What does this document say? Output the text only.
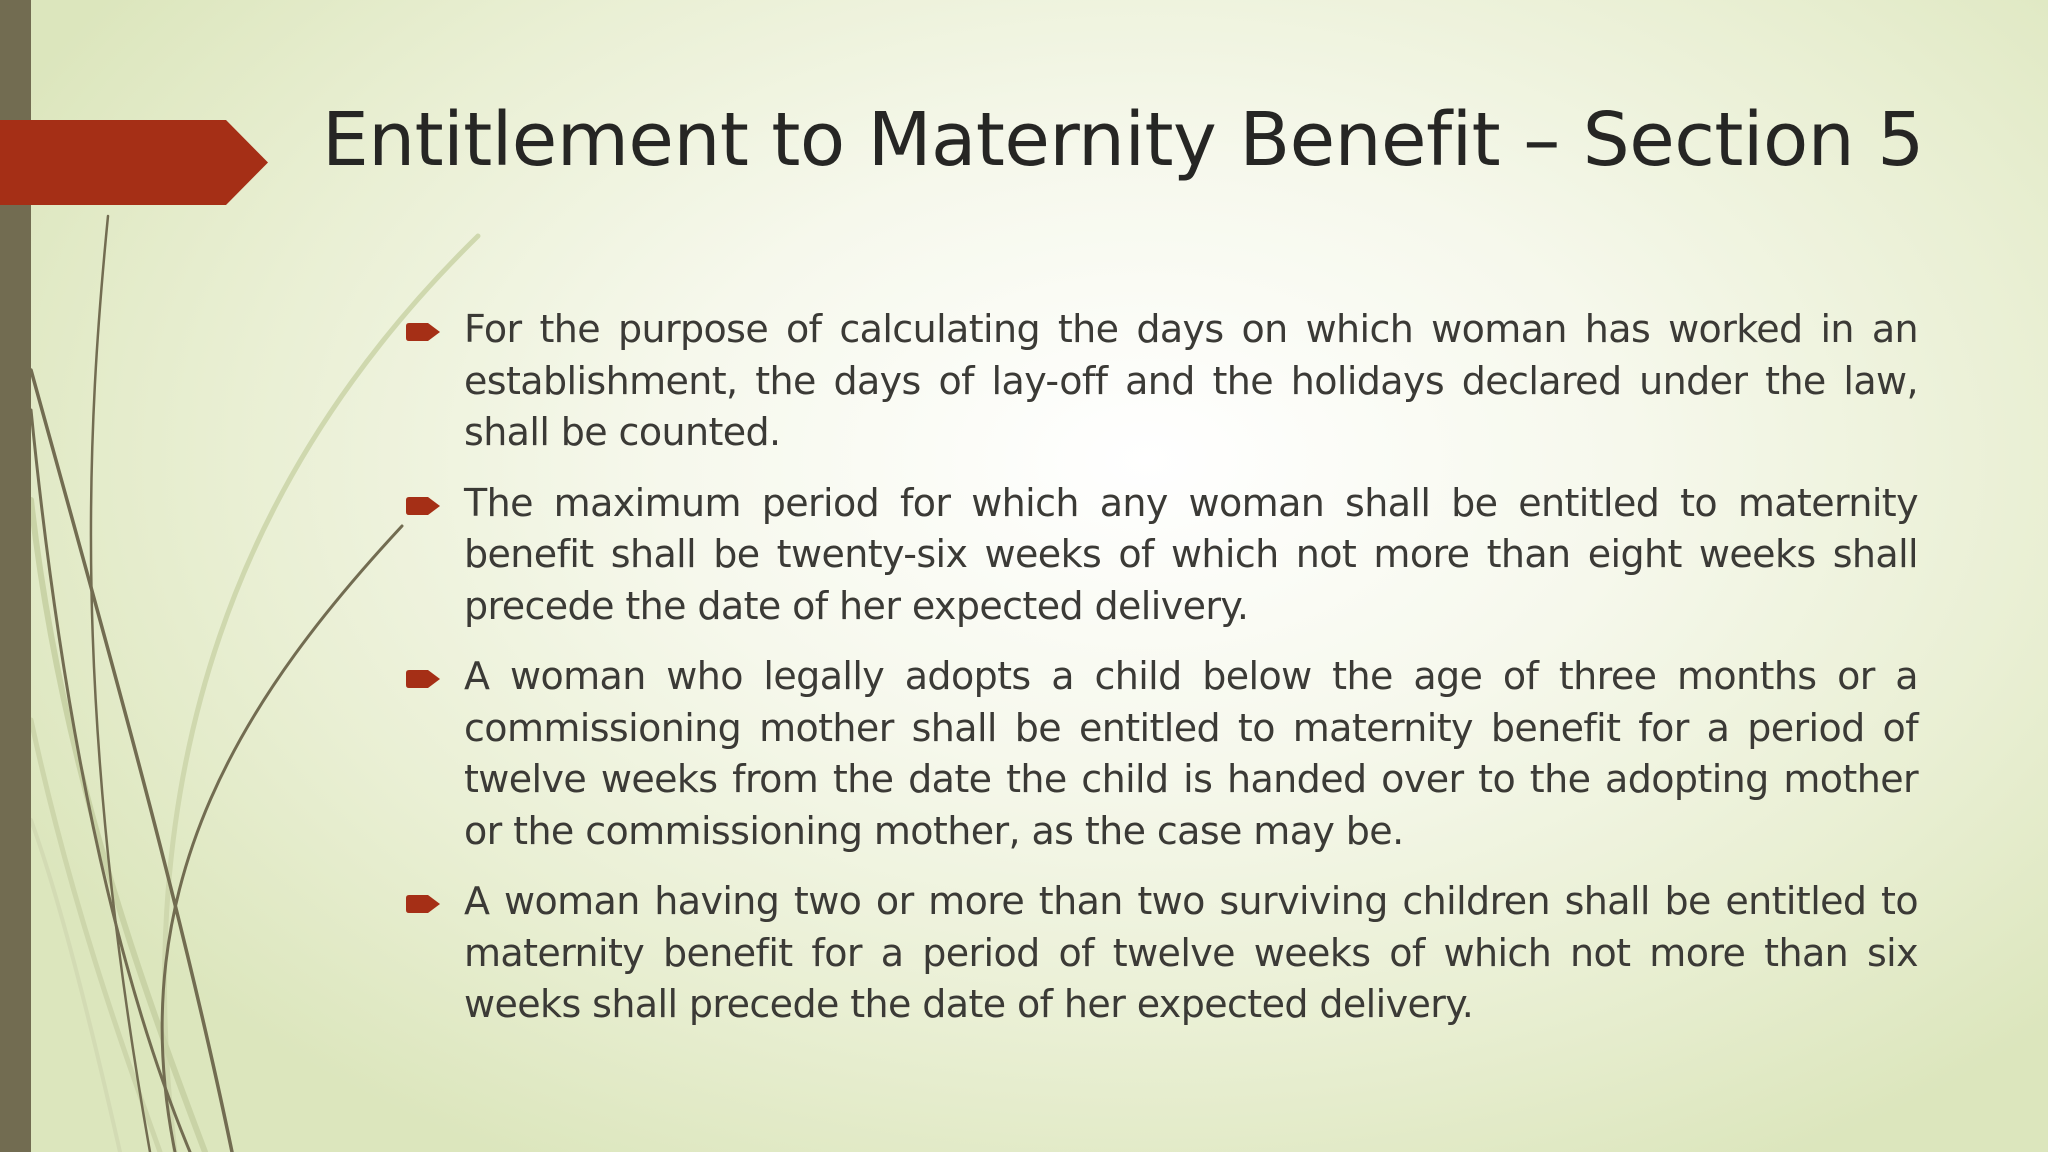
Entitlement to Maternity Benefit – Section 5
For the purpose of calculating the days on which woman has worked in an establishment, the days of lay-off and the holidays declared under the law, shall be counted.
The maximum period for which any woman shall be entitled to maternity benefit shall be twenty-six weeks of which not more than eight weeks shall precede the date of her expected delivery.
A woman who legally adopts a child below the age of three months or a commissioning mother shall be entitled to maternity benefit for a period of twelve weeks from the date the child is handed over to the adopting mother or the commissioning mother, as the case may be.
A woman having two or more than two surviving children shall be entitled to maternity benefit for a period of twelve weeks of which not more than six weeks shall precede the date of her expected delivery.
